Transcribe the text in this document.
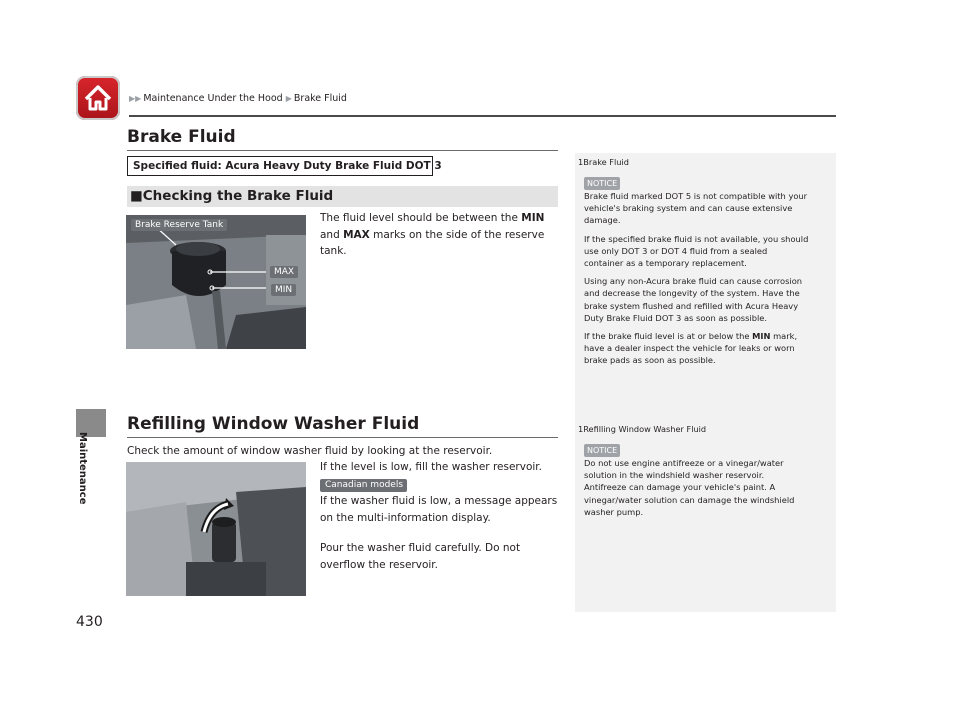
▶▶ Maintenance Under the Hood ▶ Brake Fluid
Maintenance
430
Brake Fluid
Specified fluid: Acura Heavy Duty Brake Fluid DOT 3
■Checking the Brake Fluid
Brake Reserve Tank
MAX
MIN
The fluid level should be between the MIN
and MAX marks on the side of the reserve
tank.
Refilling Window Washer Fluid
Check the amount of window washer fluid by looking at the reservoir.
If the level is low, fill the washer reservoir.
Canadian models
If the washer fluid is low, a message appears
on the multi-information display.
Pour the washer fluid carefully. Do not
overflow the reservoir.
1Brake Fluid
NOTICE
Brake fluid marked DOT 5 is not compatible with your
vehicle's braking system and can cause extensive
damage.

If the specified brake fluid is not available, you should
use only DOT 3 or DOT 4 fluid from a sealed
container as a temporary replacement.

Using any non-Acura brake fluid can cause corrosion
and decrease the longevity of the system. Have the
brake system flushed and refilled with Acura Heavy
Duty Brake Fluid DOT 3 as soon as possible.

If the brake fluid level is at or below the MIN mark,
have a dealer inspect the vehicle for leaks or worn
brake pads as soon as possible.
1Refilling Window Washer Fluid
NOTICE
Do not use engine antifreeze or a vinegar/water
solution in the windshield washer reservoir.
Antifreeze can damage your vehicle's paint. A
vinegar/water solution can damage the windshield
washer pump.
